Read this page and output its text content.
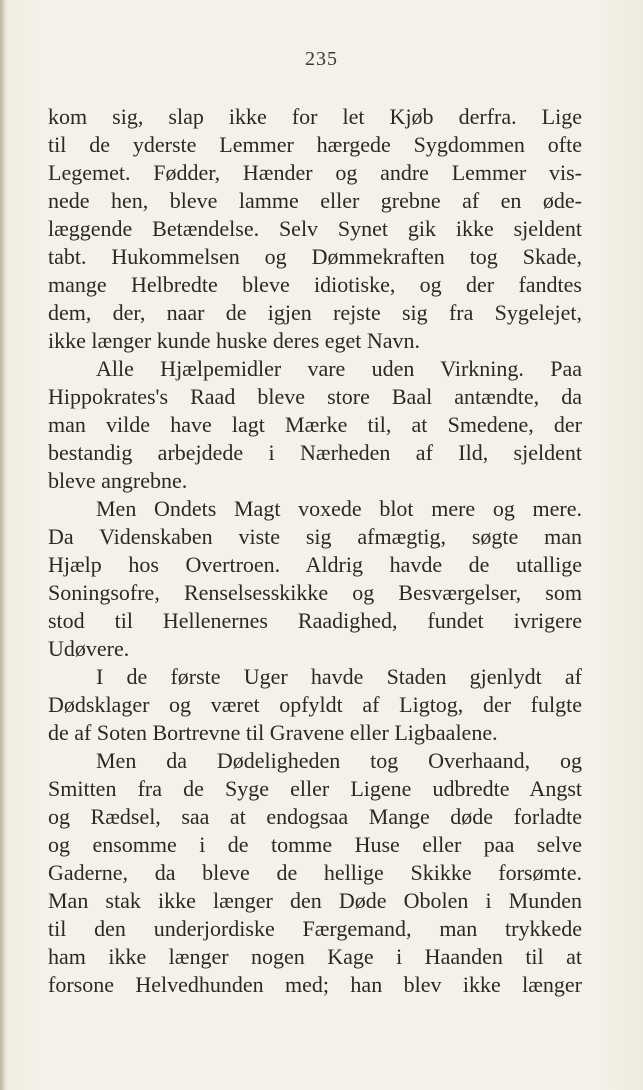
235
kom sig, slap ikke for let Kjøb derfra. Lige
til de yderste Lemmer hærgede Sygdommen ofte
Legemet. Fødder, Hænder og andre Lemmer vis-
nede hen, bleve lamme eller grebne af en øde-
læggende Betændelse. Selv Synet gik ikke sjeldent
tabt. Hukommelsen og Dømmekraften tog Skade,
mange Helbredte bleve idiotiske, og der fandtes
dem, der, naar de igjen rejste sig fra Sygelejet,
ikke længer kunde huske deres eget Navn.
Alle Hjælpemidler vare uden Virkning. Paa
Hippokrates's Raad bleve store Baal antændte, da
man vilde have lagt Mærke til, at Smedene, der
bestandig arbejdede i Nærheden af Ild, sjeldent
bleve angrebne.
Men Ondets Magt voxede blot mere og mere.
Da Videnskaben viste sig afmægtig, søgte man
Hjælp hos Overtroen. Aldrig havde de utallige
Soningsofre, Renselsesskikke og Besværgelser, som
stod til Hellenernes Raadighed, fundet ivrigere
Udøvere.
I de første Uger havde Staden gjenlydt af
Dødsklager og været opfyldt af Ligtog, der fulgte
de af Soten Bortrevne til Gravene eller Ligbaalene.
Men da Dødeligheden tog Overhaand, og
Smitten fra de Syge eller Ligene udbredte Angst
og Rædsel, saa at endogsaa Mange døde forladte
og ensomme i de tomme Huse eller paa selve
Gaderne, da bleve de hellige Skikke forsømte.
Man stak ikke længer den Døde Obolen i Munden
til den underjordiske Færgemand, man trykkede
ham ikke længer nogen Kage i Haanden til at
forsone Helvedhunden med; han blev ikke længer
